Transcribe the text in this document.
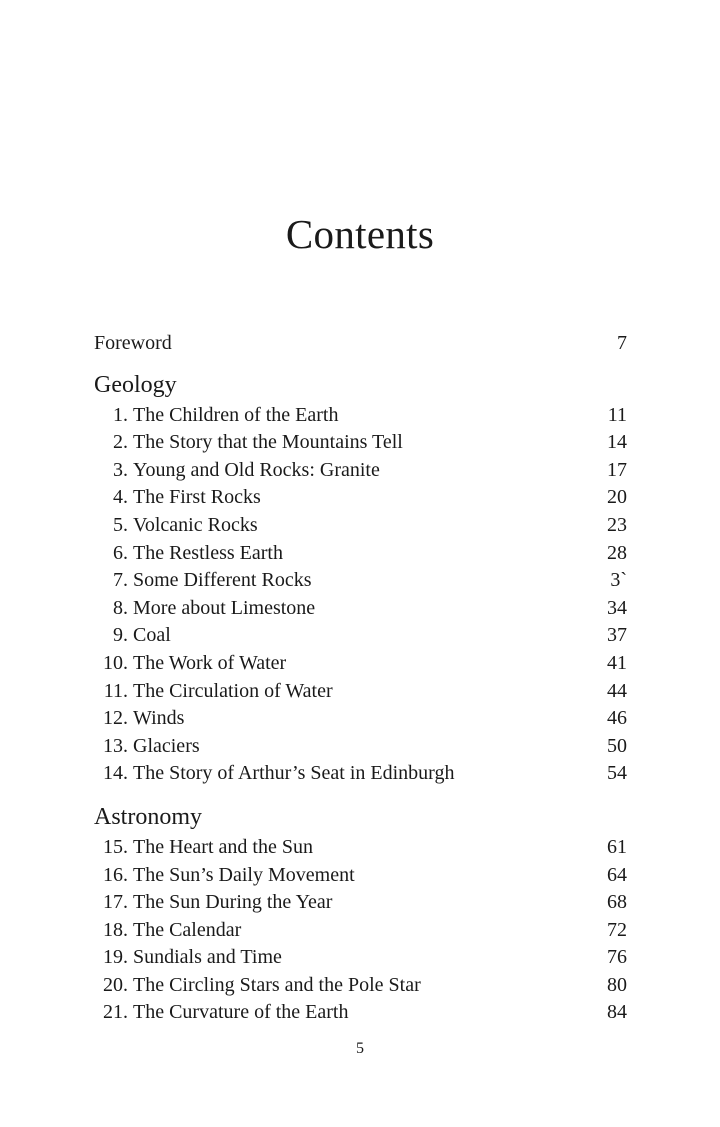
Contents
Foreword	7
Geology
1. The Children of the Earth	11
2. The Story that the Mountains Tell	14
3. Young and Old Rocks: Granite	17
4. The First Rocks	20
5. Volcanic Rocks	23
6. The Restless Earth	28
7. Some Different Rocks	3`
8. More about Limestone	34
9. Coal	37
10. The Work of Water	41
11. The Circulation of Water	44
12. Winds	46
13. Glaciers	50
14. The Story of Arthur’s Seat in Edinburgh	54
Astronomy
15. The Heart and the Sun	61
16. The Sun’s Daily Movement	64
17. The Sun During the Year	68
18. The Calendar	72
19. Sundials and Time	76
20. The Circling Stars and the Pole Star	80
21. The Curvature of the Earth	84
5
